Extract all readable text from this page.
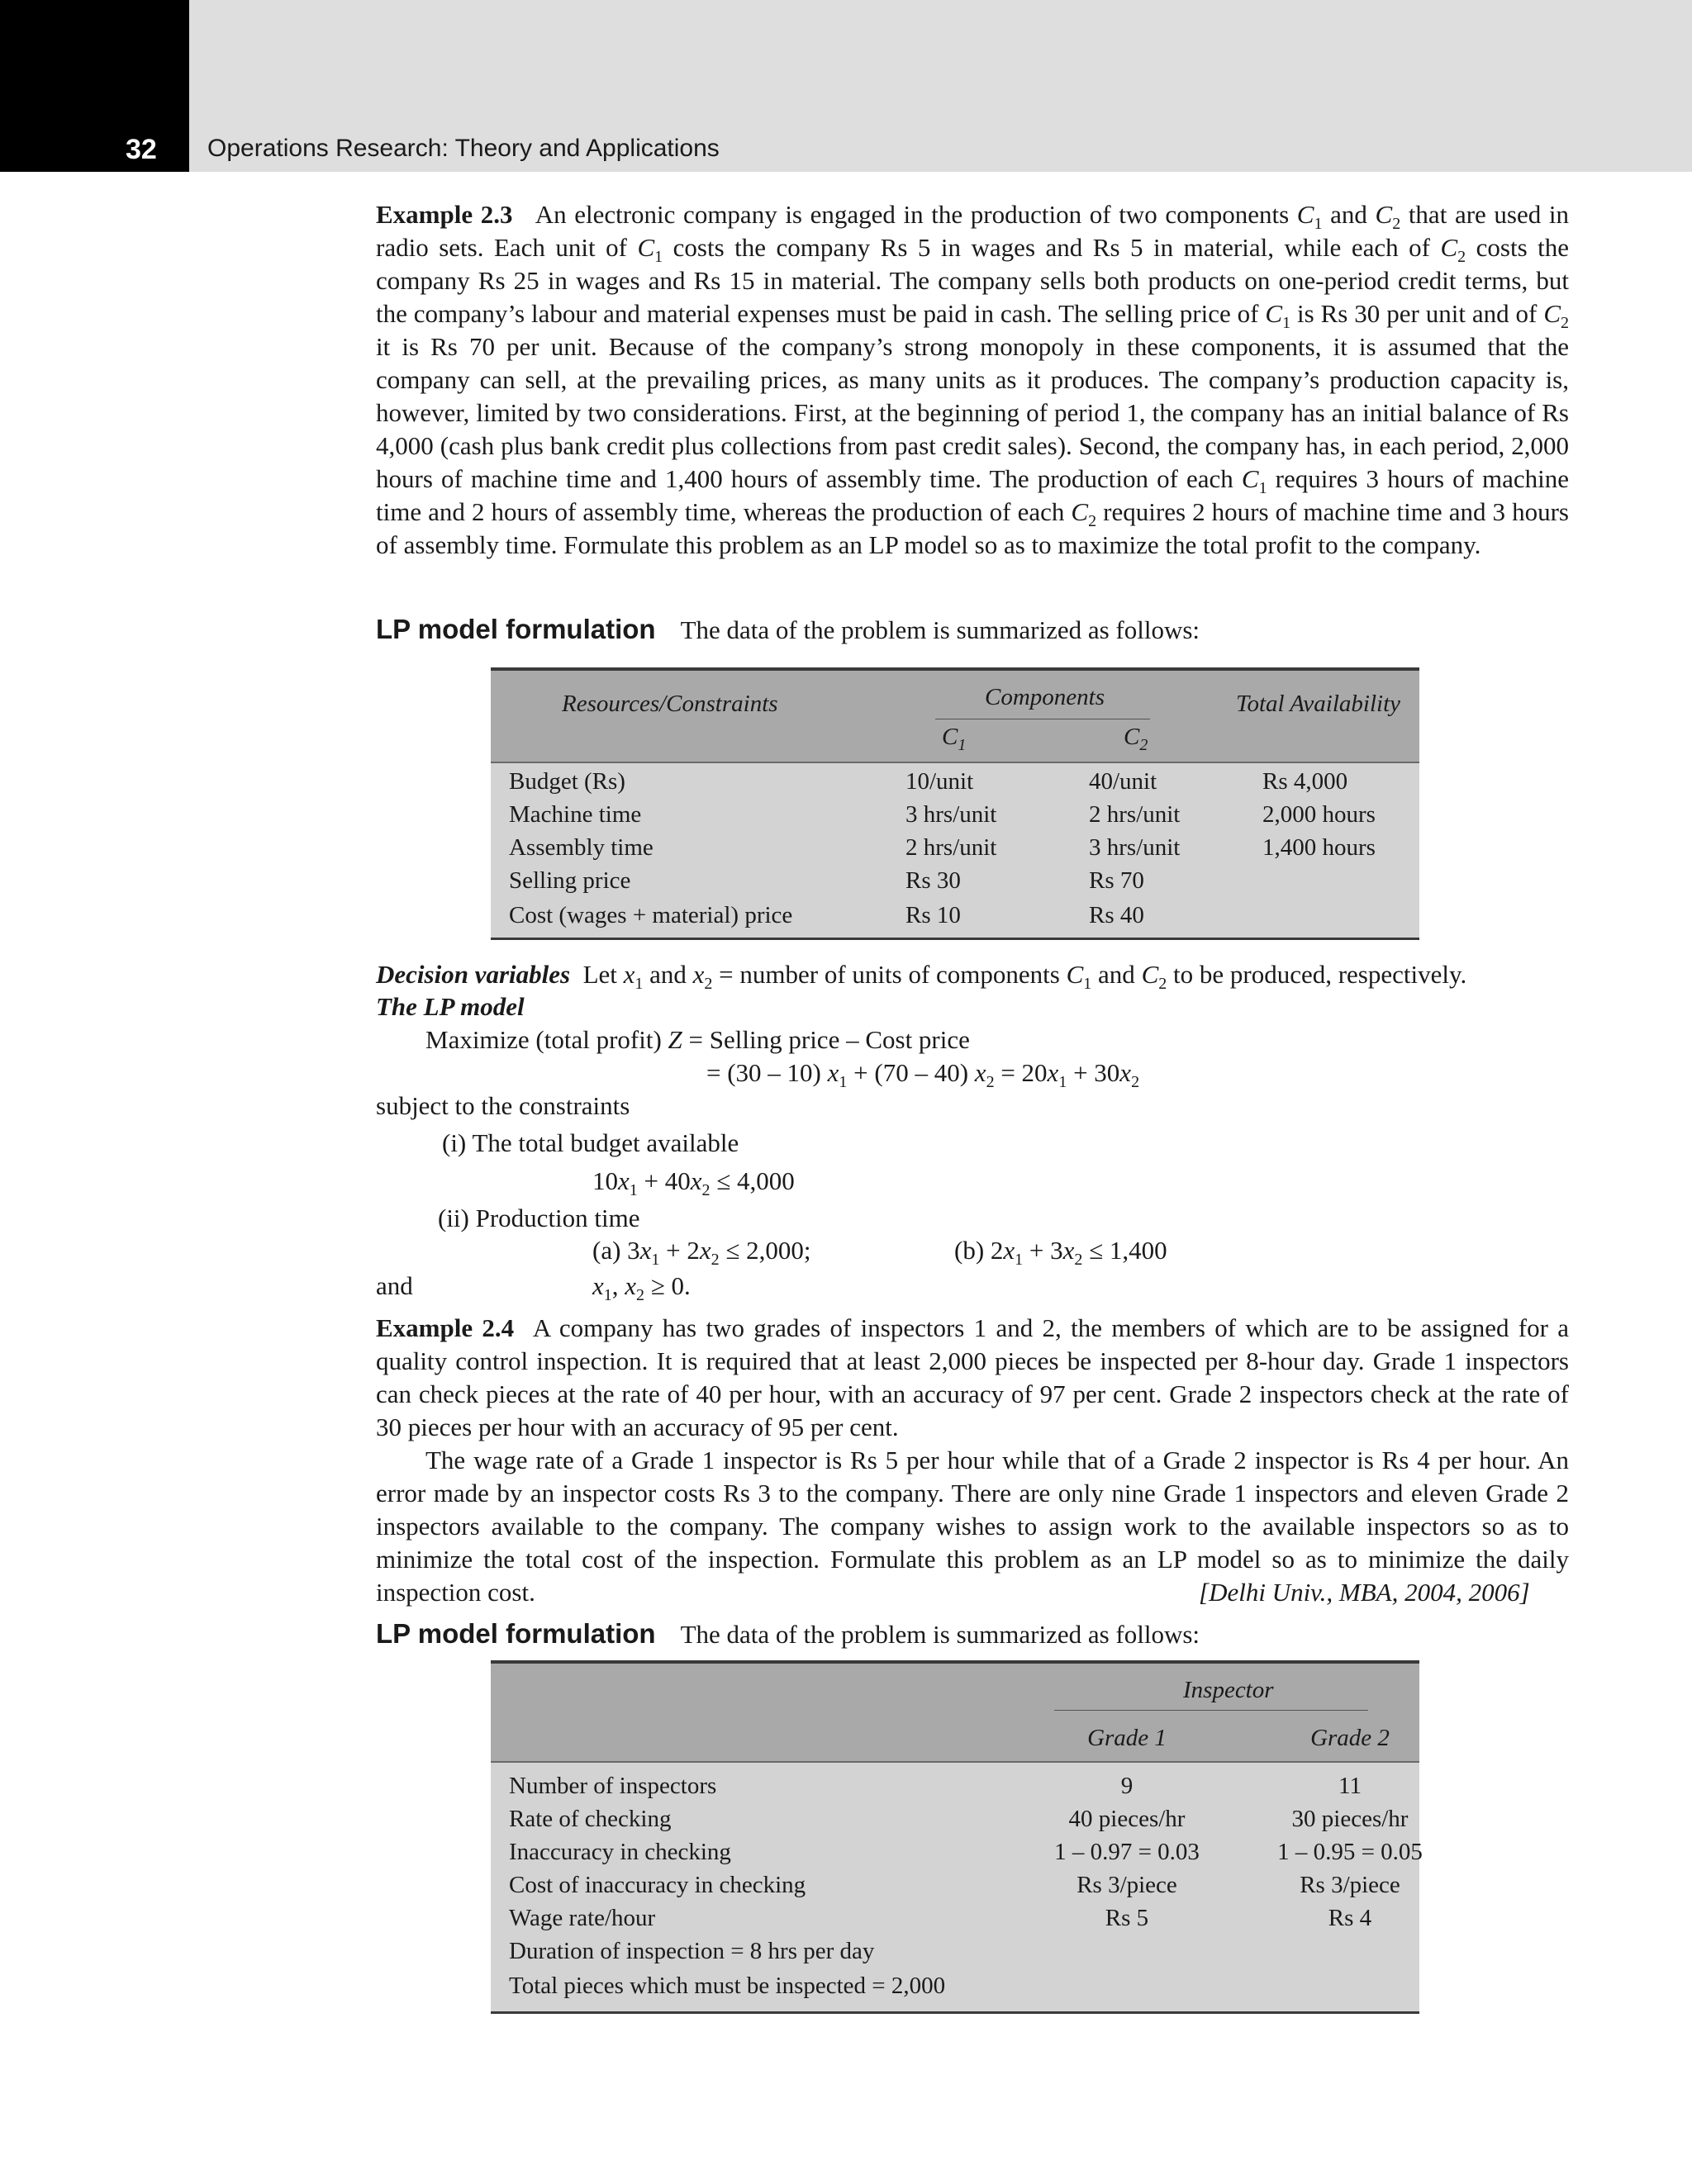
32 Operations Research: Theory and Applications
Example 2.3 An electronic company is engaged in the production of two components $C_1$ and $C_2$ that are used in radio sets. Each unit of $C_1$ costs the company Rs 5 in wages and Rs 5 in material, while each of $C_2$ costs the company Rs 25 in wages and Rs 15 in material. The company sells both products on one-period credit terms, but the company’s labour and material expenses must be paid in cash. The selling price of $C_1$ is Rs 30 per unit and of $C_2$ it is Rs 70 per unit. Because of the company’s strong monopoly in these components, it is assumed that the company can sell, at the prevailing prices, as many units as it produces. The company’s production capacity is, however, limited by two considerations. First, at the beginning of period 1, the company has an initial balance of Rs 4,000 (cash plus bank credit plus collections from past credit sales). Second, the company has, in each period, 2,000 hours of machine time and 1,400 hours of assembly time. The production of each $C_1$ requires 3 hours of machine time and 2 hours of assembly time, whereas the production of each $C_2$ requires 2 hours of machine time and 3 hours of assembly time. Formulate this problem as an LP model so as to maximize the total profit to the company.
LP model formulation The data of the problem is summarized as follows:
Resources/Constraints	Components
$C_1$	$C_2$
Total Availability
Budget (Rs)	10/unit	40/unit	Rs 4,000
Machine time	3 hrs/unit	2 hrs/unit	2,000 hours
Assembly time	2 hrs/unit	3 hrs/unit	1,400 hours
Selling price	Rs 30	Rs 70
Cost (wages + material) price	Rs 10	Rs 40
Decision variables Let $x_1$ and $x_2$ = number of units of components $C_1$ and $C_2$ to be produced, respectively.
The LP model
Maximize (total profit) Z = Selling price – Cost price
= (30 – 10) $x_1 + (70 - 40) x_2 = 20x_1 + 30x_2$
subject to the constraints
(i) The total budget available
$10x_1 + 40x_2 \le 4,000$
(ii) Production time
(a) $3x_1 + 2x_2 \le 2,000$;	(b) $2x_1 + 3x_2 \le 1,400$
and	$x_1$, $x_2 \ge 0$.
Example 2.4 A company has two grades of inspectors 1 and 2, the members of which are to be assigned for a quality control inspection. It is required that at least 2,000 pieces be inspected per 8-hour day. Grade 1 inspectors can check pieces at the rate of 40 per hour, with an accuracy of 97 per cent. Grade 2 inspectors check at the rate of 30 pieces per hour with an accuracy of 95 per cent.
The wage rate of a Grade 1 inspector is Rs 5 per hour while that of a Grade 2 inspector is Rs 4 per hour. An error made by an inspector costs Rs 3 to the company. There are only nine Grade 1 inspectors and eleven Grade 2 inspectors available to the company. The company wishes to assign work to the available inspectors so as to minimize the total cost of the inspection. Formulate this problem as an LP model so as to minimize the daily inspection cost.	[Delhi Univ., MBA, 2004, 2006]
LP model formulation The data of the problem is summarized as follows:
Inspector
Grade 1	Grade 2
Number of inspectors	9	11
Rate of checking	40 pieces/hr	30 pieces/hr
Inaccuracy in checking	1 – 0.97 = 0.03	1 – 0.95 = 0.05
Cost of inaccuracy in checking	Rs 3/piece	Rs 3/piece
Wage rate/hour	Rs 5	Rs 4
Duration of inspection = 8 hrs per day
Total pieces which must be inspected = 2,000
